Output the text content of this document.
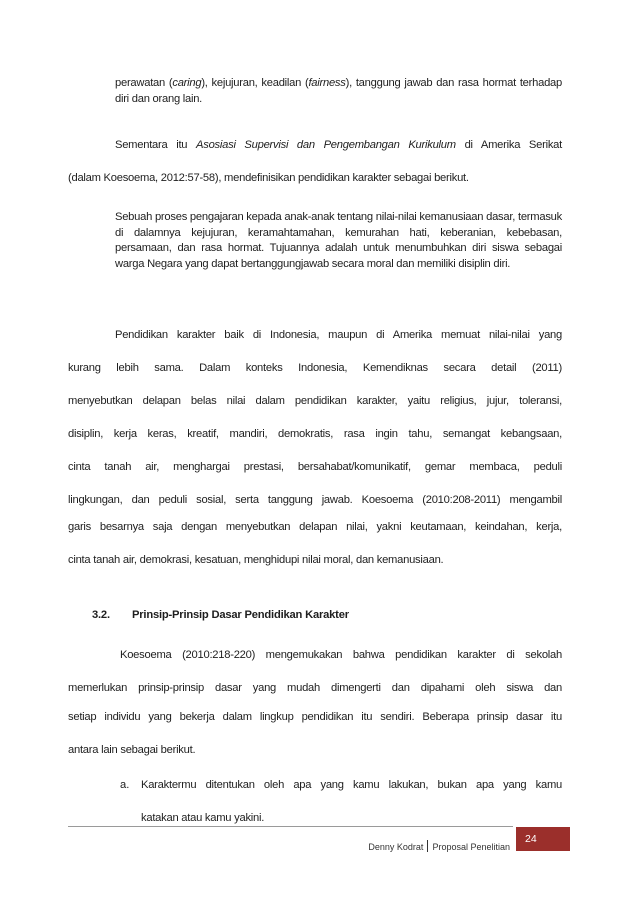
perawatan (caring), kejujuran, keadilan (fairness), tanggung jawab dan rasa hormat terhadap diri dan orang lain.

Sementara itu Asosiasi Supervisi dan Pengembangan Kurikulum di Amerika Serikat

(dalam Koesoema, 2012:57-58), mendefinisikan pendidikan karakter sebagai berikut.

Sebuah proses pengajaran kepada anak-anak tentang nilai-nilai kemanusiaan dasar, termasuk di dalamnya kejujuran, keramahtamahan, kemurahan hati, keberanian, kebebasan, persamaan, dan rasa hormat. Tujuannya adalah untuk menumbuhkan diri siswa sebagai warga Negara yang dapat bertanggungjawab secara moral dan memiliki disiplin diri.

Pendidikan karakter baik di Indonesia, maupun di Amerika memuat nilai-nilai yang

kurang lebih sama. Dalam konteks Indonesia, Kemendiknas secara detail (2011)

menyebutkan delapan belas nilai dalam pendidikan karakter, yaitu religius, jujur, toleransi,

disiplin, kerja keras, kreatif, mandiri, demokratis, rasa ingin tahu, semangat kebangsaan,

cinta tanah air, menghargai prestasi, bersahabat/komunikatif, gemar membaca, peduli

lingkungan, dan peduli sosial, serta tanggung jawab. Koesoema (2010:208-2011) mengambil

garis besarnya saja dengan menyebutkan delapan nilai, yakni keutamaan, keindahan, kerja,

cinta tanah air, demokrasi, kesatuan, menghidupi nilai moral, dan kemanusiaan.

3.2. Prinsip-Prinsip Dasar Pendidikan Karakter

Koesoema (2010:218-220) mengemukakan bahwa pendidikan karakter di sekolah

memerlukan prinsip-prinsip dasar yang mudah dimengerti dan dipahami oleh siswa dan

setiap individu yang bekerja dalam lingkup pendidikan itu sendiri. Beberapa prinsip dasar itu

antara lain sebagai berikut.

a. Karaktermu ditentukan oleh apa yang kamu lakukan, bukan apa yang kamu

katakan atau kamu yakini.

Denny Kodrat Proposal Penelitian

24
